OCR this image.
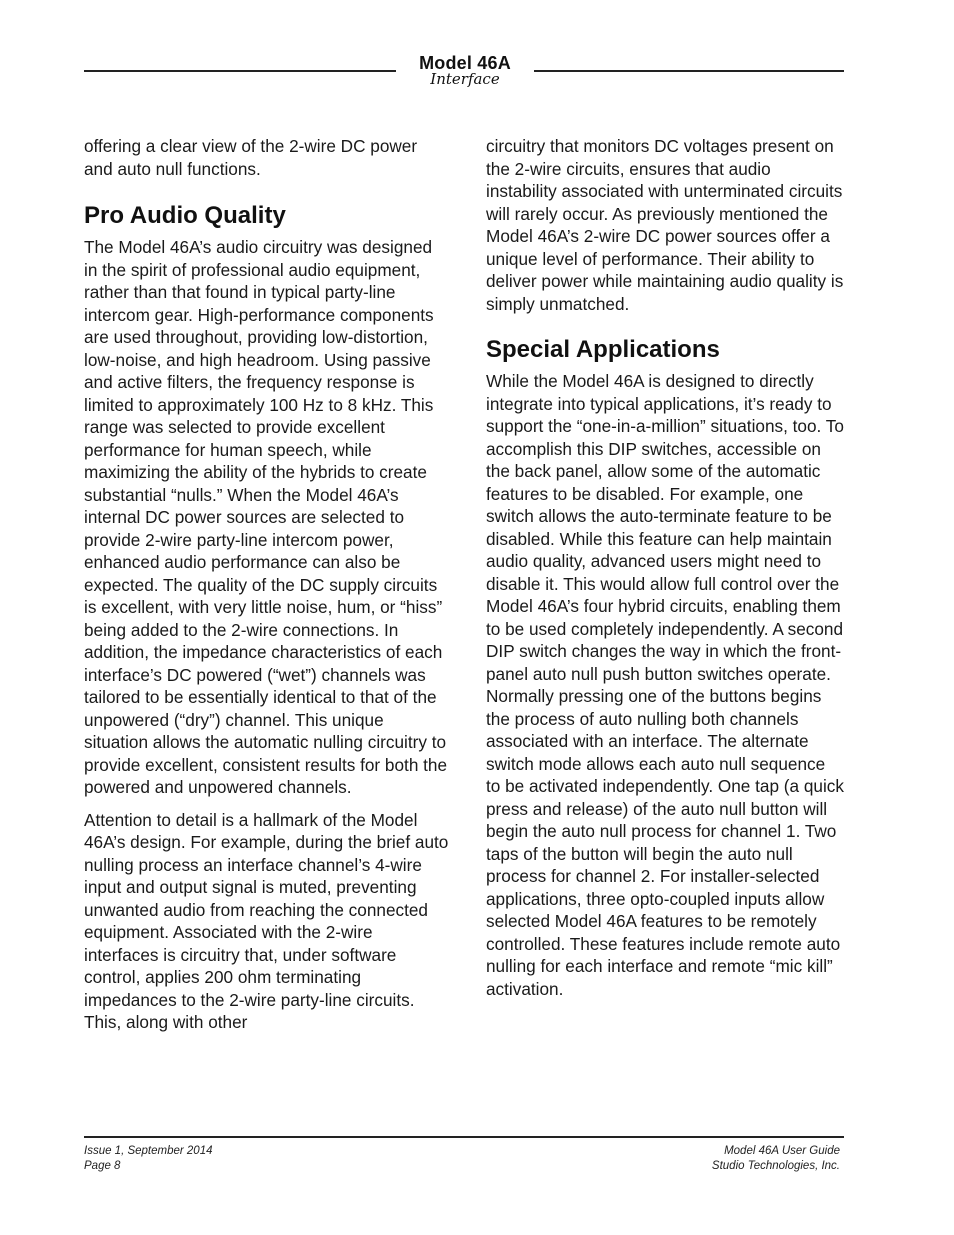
Model 46A
Interface

offering a clear view of the 2-wire DC power and auto null functions.

Pro Audio Quality

The Model 46A’s audio circuitry was designed in the spirit of professional audio equipment, rather than that found in typical party-line intercom gear. High-performance components are used throughout, providing low-distortion, low-noise, and high headroom. Using passive and active filters, the frequency response is limited to approximately 100 Hz to 8 kHz. This range was selected to provide excellent performance for human speech, while maximizing the ability of the hybrids to create substantial “nulls.” When the Model 46A’s internal DC power sources are selected to provide 2-wire party-line intercom power, enhanced audio performance can also be expected. The quality of the DC supply circuits is excellent, with very little noise, hum, or “hiss” being added to the 2-wire connections. In addition, the impedance characteristics of each interface’s DC powered (“wet”) channels was tailored to be essentially identical to that of the unpowered (“dry”) channel. This unique situation allows the automatic nulling circuitry to provide excellent, consistent results for both the powered and unpowered channels.

Attention to detail is a hallmark of the Model 46A’s design. For example, during the brief auto nulling process an interface channel’s 4-wire input and output signal is muted, preventing unwanted audio from reaching the connected equipment. Associated with the 2-wire interfaces is circuitry that, under software control, applies 200 ohm terminating impedances to the 2-wire party-line circuits. This, along with other

circuitry that monitors DC voltages present on the 2-wire circuits, ensures that audio instability associated with unterminated circuits will rarely occur. As previously mentioned the Model 46A’s 2-wire DC power sources offer a unique level of performance. Their ability to deliver power while maintaining audio quality is simply unmatched.

Special Applications

While the Model 46A is designed to directly integrate into typical applications, it’s ready to support the “one-in-a-million” situations, too. To accomplish this DIP switches, accessible on the back panel, allow some of the automatic features to be disabled. For example, one switch allows the auto-terminate feature to be disabled. While this feature can help maintain audio quality, advanced users might need to disable it. This would allow full control over the Model 46A’s four hybrid circuits, enabling them to be used completely independently. A second DIP switch changes the way in which the front-panel auto null push button switches operate. Normally pressing one of the buttons begins the process of auto nulling both channels associated with an interface. The alternate switch mode allows each auto null sequence to be activated independently. One tap (a quick press and release) of the auto null button will begin the auto null process for channel 1. Two taps of the button will begin the auto null process for channel 2. For installer-selected applications, three opto-coupled inputs allow selected Model 46A features to be remotely controlled. These features include remote auto nulling for each interface and remote “mic kill” activation.

Issue 1, September 2014
Page 8
Model 46A User Guide
Studio Technologies, Inc.
